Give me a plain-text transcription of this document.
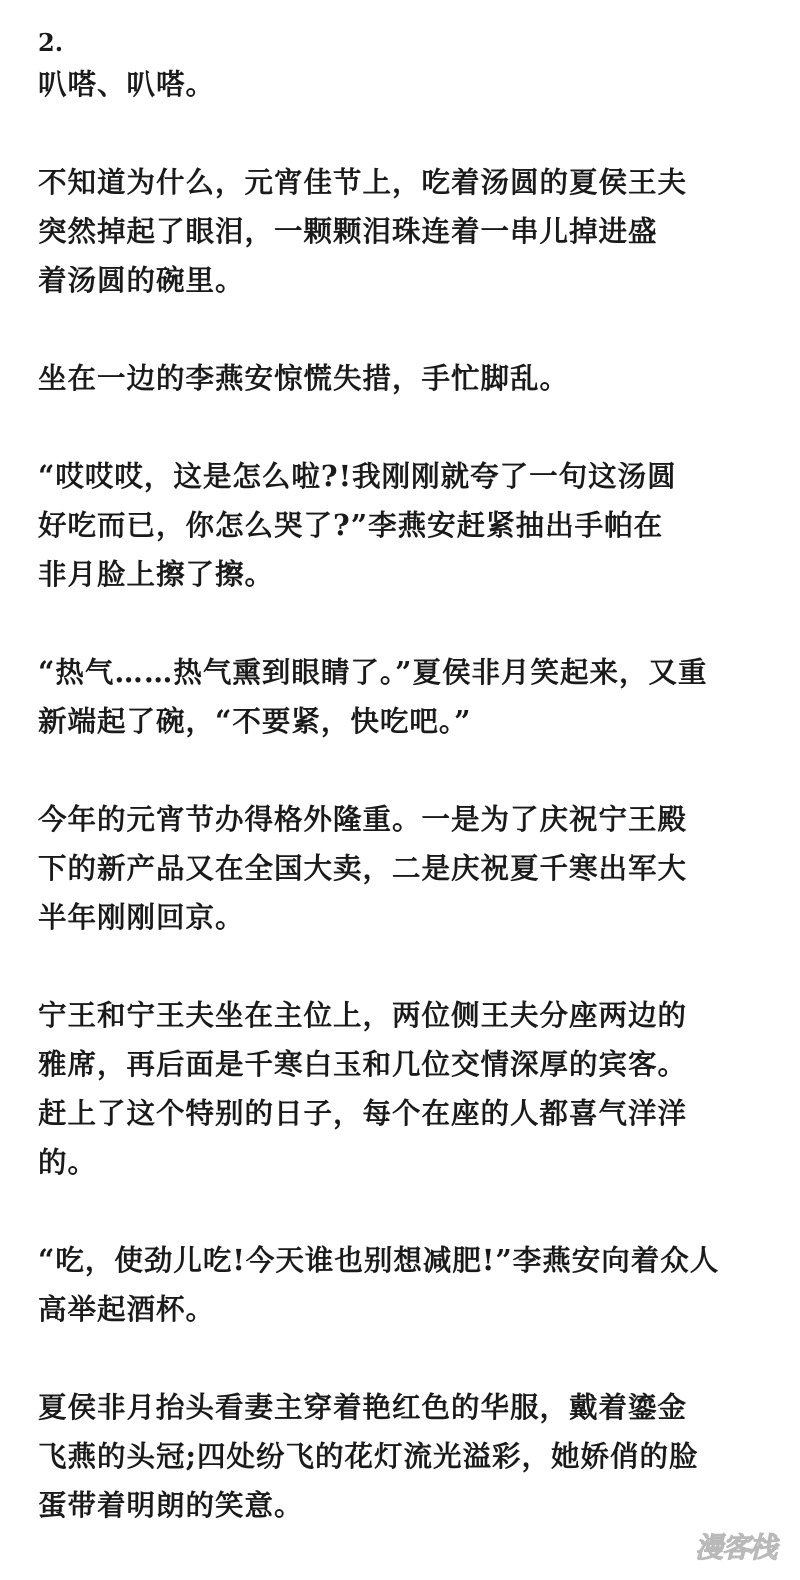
2.

叭嗒、叭嗒。

不知道为什么，元宵佳节上，吃着汤圆的夏侯王夫

突然掉起了眼泪，一颗颗泪珠连着一串儿掉进盛

着汤圆的碗里。

坐在一边的李燕安惊慌失措，手忙脚乱。

“哎哎哎，这是怎么啦?!我刚刚就夸了一句这汤圆

好吃而已，你怎么哭了?”李燕安赶紧抽出手帕在

非月脸上擦了擦。

“热气……热气熏到眼睛了。”夏侯非月笑起来，又重

新端起了碗，“不要紧，快吃吧。”

今年的元宵节办得格外隆重。一是为了庆祝宁王殿

下的新产品又在全国大卖，二是庆祝夏千寒出军大

半年刚刚回京。

宁王和宁王夫坐在主位上，两位侧王夫分座两边的

雅席，再后面是千寒白玉和几位交情深厚的宾客。

赶上了这个特别的日子，每个在座的人都喜气洋洋

的。

“吃，使劲儿吃!今天谁也别想减肥!”李燕安向着众人

高举起酒杯。

夏侯非月抬头看妻主穿着艳红色的华服，戴着鎏金

飞燕的头冠;四处纷飞的花灯流光溢彩，她娇俏的脸

蛋带着明朗的笑意。

漫客栈
